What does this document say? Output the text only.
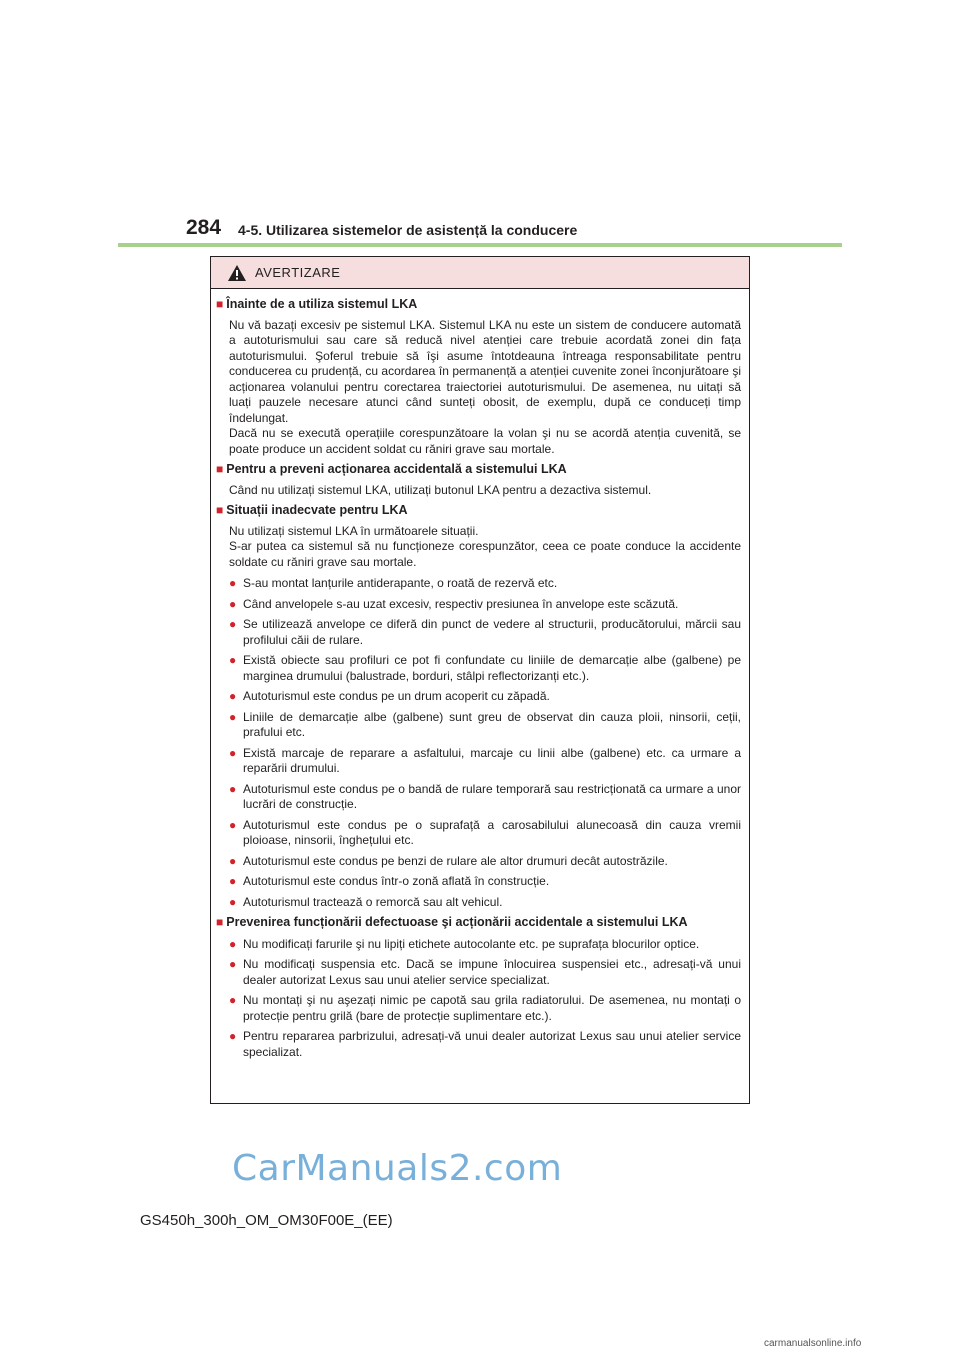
284 4-5. Utilizarea sistemelor de asistență la conducere
AVERTIZARE
■ Înainte de a utiliza sistemul LKA

Nu vă bazați excesiv pe sistemul LKA. Sistemul LKA nu este un sistem de conducere automată a autoturismului sau care să reducă nivel atenției care trebuie acordată zonei din fața autoturismului. Şoferul trebuie să îşi asume întotdeauna întreaga responsabilitate pentru conducerea cu prudență, cu acordarea în permanență a atenției cuvenite zonei înconjurătoare şi acționarea volanului pentru corectarea traiectoriei autoturismului. De asemenea, nu uitați să luați pauzele necesare atunci când sunteți obosit, de exemplu, după ce conduceți timp îndelungat.

Dacă nu se execută operațiile corespunzătoare la volan şi nu se acordă atenția cuvenită, se poate produce un accident soldat cu răniri grave sau mortale.

■ Pentru a preveni acționarea accidentală a sistemului LKA

Când nu utilizați sistemul LKA, utilizați butonul LKA pentru a dezactiva sistemul.

■ Situații inadecvate pentru LKA

Nu utilizați sistemul LKA în următoarele situații.

S-ar putea ca sistemul să nu funcționeze corespunzător, ceea ce poate conduce la accidente soldate cu răniri grave sau mortale.

● S-au montat lanțurile antiderapante, o roată de rezervă etc.
● Când anvelopele s-au uzat excesiv, respectiv presiunea în anvelope este scăzută.
● Se utilizează anvelope ce diferă din punct de vedere al structurii, producătorului, mărcii sau profilului căii de rulare.
● Există obiecte sau profiluri ce pot fi confundate cu liniile de demarcație albe (galbene) pe marginea drumului (balustrade, borduri, stâlpi reflectorizanți etc.).
● Autoturismul este condus pe un drum acoperit cu zăpadă.
● Liniile de demarcație albe (galbene) sunt greu de observat din cauza ploii, ninsorii, ceții, prafului etc.
● Există marcaje de reparare a asfaltului, marcaje cu linii albe (galbene) etc. ca urmare a reparării drumului.
● Autoturismul este condus pe o bandă de rulare temporară sau restricționată ca urmare a unor lucrări de construcție.
● Autoturismul este condus pe o suprafață a carosabilului alunecoasă din cauza vremii ploioase, ninsorii, înghețului etc.
● Autoturismul este condus pe benzi de rulare ale altor drumuri decât autostrăzile.
● Autoturismul este condus într-o zonă aflată în construcție.
● Autoturismul tractează o remorcă sau alt vehicul.
■ Prevenirea funcționării defectuoase şi acționării accidentale a sistemului LKA
● Nu modificați farurile şi nu lipiți etichete autocolante etc. pe suprafața blocurilor optice.
● Nu modificați suspensia etc. Dacă se impune înlocuirea suspensiei etc., adresați-vă unui dealer autorizat Lexus sau unui atelier service specializat.
● Nu montați şi nu aşezați nimic pe capotă sau grila radiatorului. De asemenea, nu montați o protecție pentru grilă (bare de protecție suplimentare etc.).
● Pentru repararea parbrizului, adresați-vă unui dealer autorizat Lexus sau unui atelier service specializat.
CarManuals2.com
GS450h_300h_OM_OM30F00E_(EE)
carmanualsonline.info
